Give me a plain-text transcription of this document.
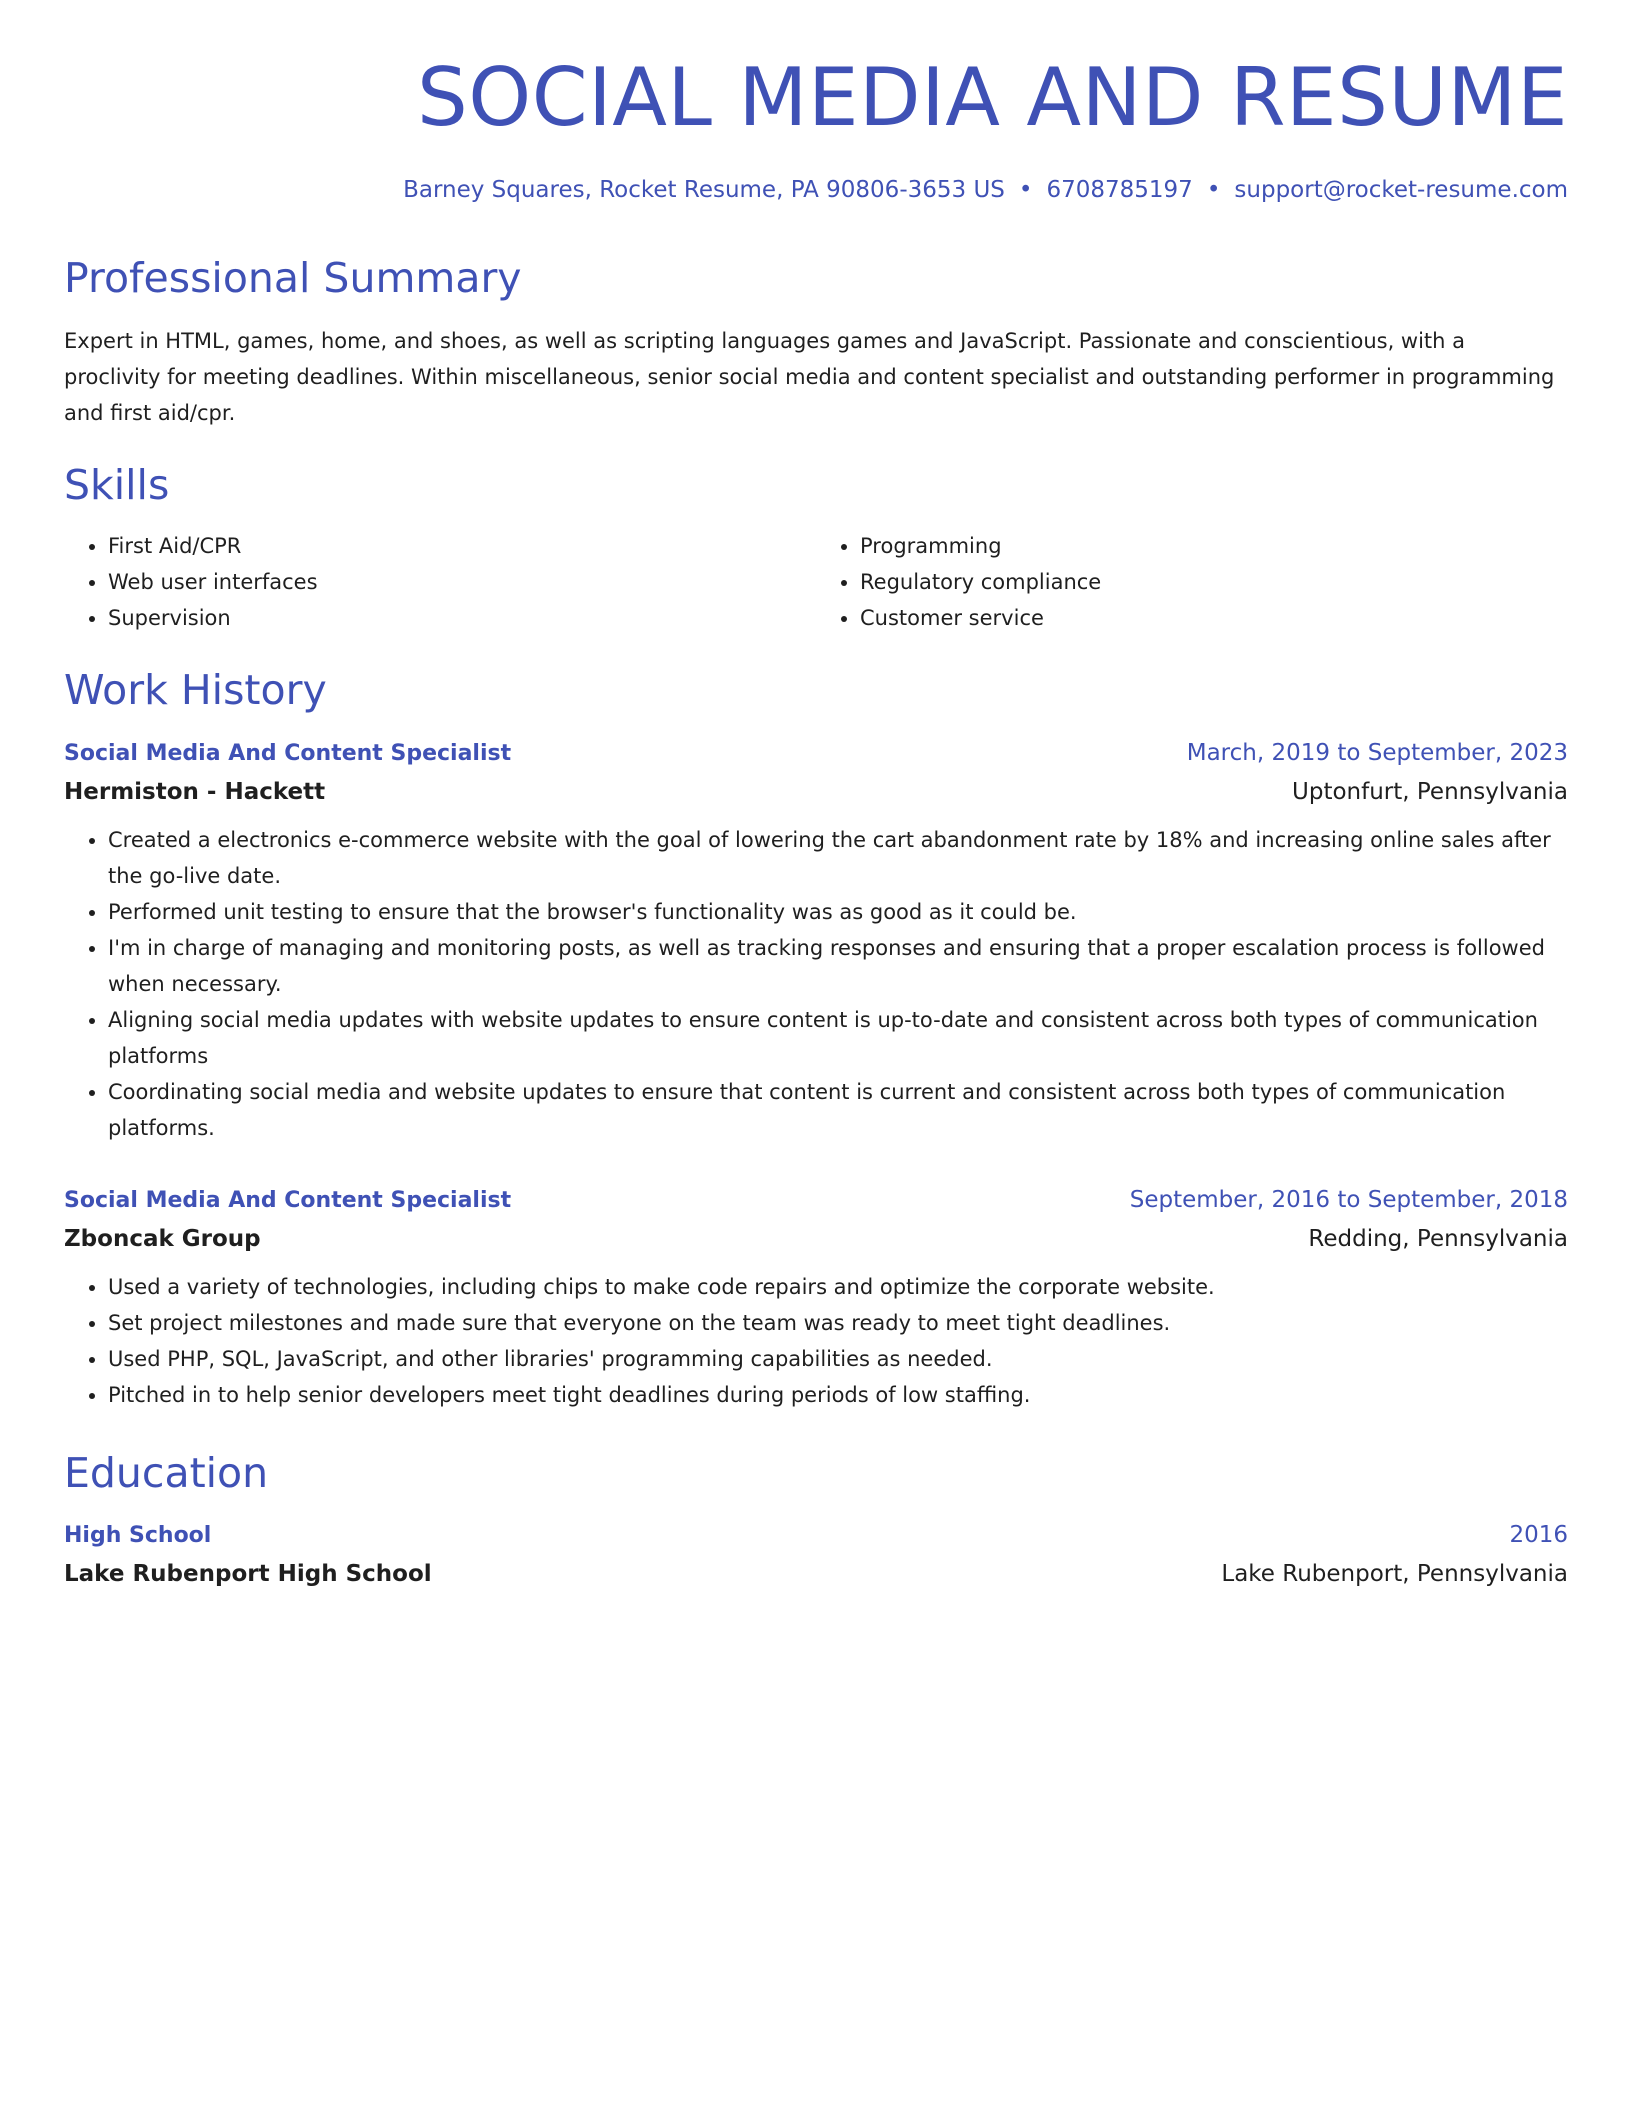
SOCIAL MEDIA AND RESUME
Barney Squares, Rocket Resume, PA 90806-3653 US • 6708785197 • support@rocket-resume.com
Professional Summary

Expert in HTML, games, home, and shoes, as well as scripting languages games and JavaScript. Passionate and conscientious, with a proclivity for meeting deadlines. Within miscellaneous, senior social media and content specialist and outstanding performer in programming and first aid/cpr.

Skills
• First Aid/CPR
• Web user interfaces
• Supervision
• Programming
• Regulatory compliance
• Customer service
Work History
Social Media And Content Specialist	March, 2019 to September, 2023
Hermiston - Hackett	Uptonfurt, Pennsylvania
• Created a electronics e-commerce website with the goal of lowering the cart abandonment rate by 18% and increasing online sales after the go-live date.
• Performed unit testing to ensure that the browser's functionality was as good as it could be.
• I'm in charge of managing and monitoring posts, as well as tracking responses and ensuring that a proper escalation process is followed when necessary.
• Aligning social media updates with website updates to ensure content is up-to-date and consistent across both types of communication platforms
• Coordinating social media and website updates to ensure that content is current and consistent across both types of communication platforms.
Social Media And Content Specialist	September, 2016 to September, 2018
Zboncak Group	Redding, Pennsylvania
• Used a variety of technologies, including chips to make code repairs and optimize the corporate website.
• Set project milestones and made sure that everyone on the team was ready to meet tight deadlines.
• Used PHP, SQL, JavaScript, and other libraries' programming capabilities as needed.
• Pitched in to help senior developers meet tight deadlines during periods of low staffing.
Education
High School	2016
Lake Rubenport High School	Lake Rubenport, Pennsylvania
